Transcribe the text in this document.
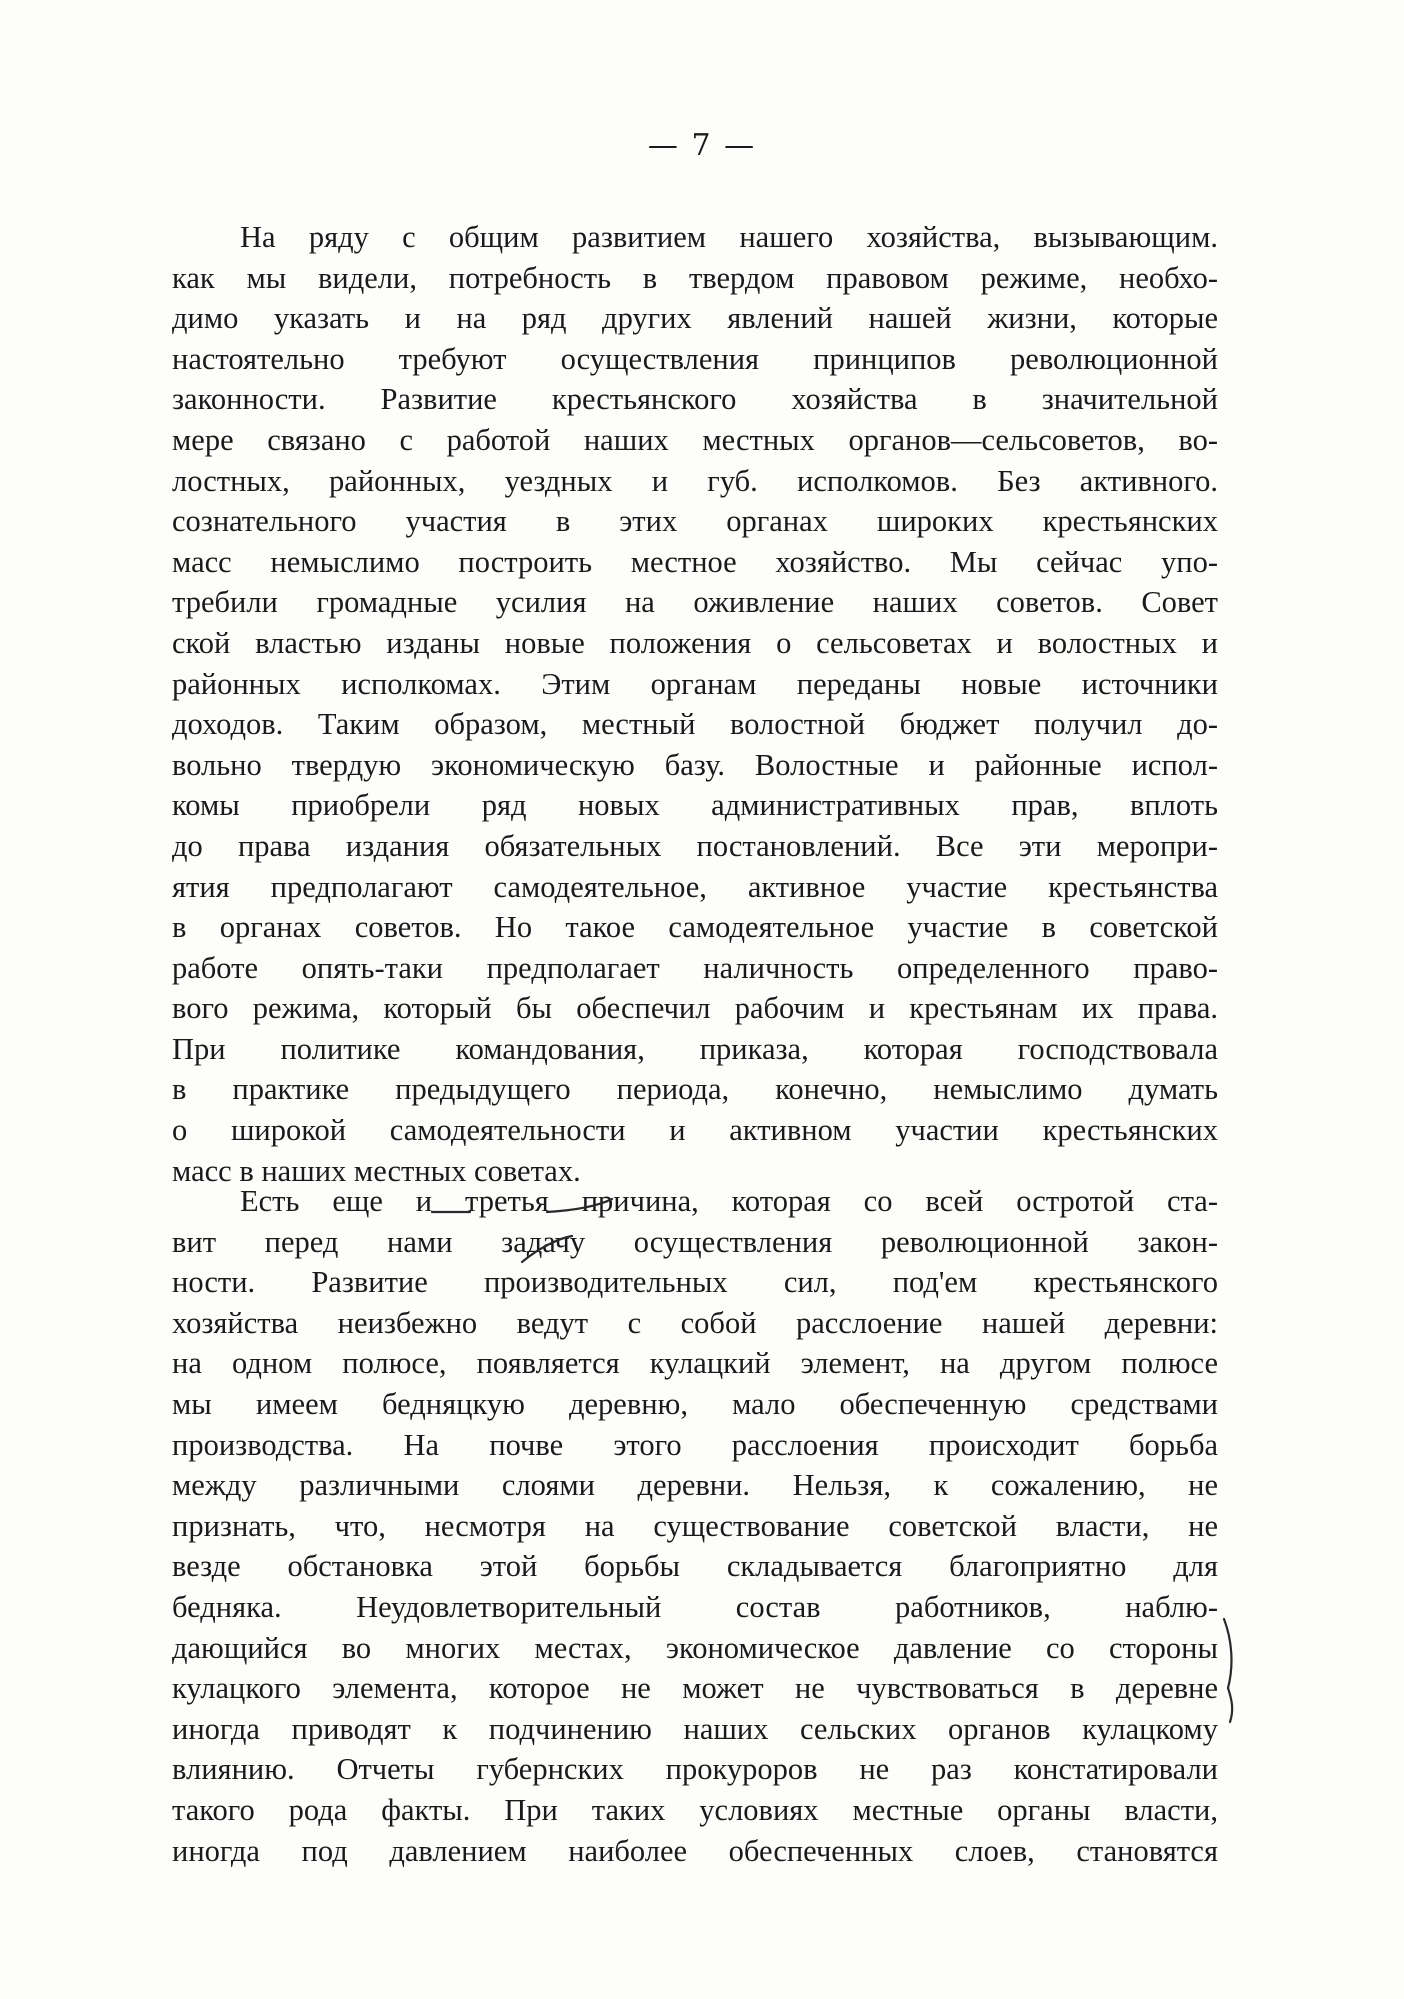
— 7 —
На ряду с общим развитием нашего хозяйства, вызывающим.
как мы видели, потребность в твердом правовом режиме, необхо-
димо указать и на ряд других явлений нашей жизни, которые
настоятельно требуют осуществления принципов революционной
законности. Развитие крестьянского хозяйства в значительной
мере связано с работой наших местных органов—сельсоветов, во-
лостных, районных, уездных и губ. исполкомов. Без активного.
сознательного участия в этих органах широких крестьянских
масс немыслимо построить местное хозяйство. Мы сейчас упо-
требили громадные усилия на оживление наших советов. Совет
ской властью изданы новые положения о сельсоветах и волостных и
районных исполкомах. Этим органам переданы новые источники
доходов. Таким образом, местный волостной бюджет получил до-
вольно твердую экономическую базу. Волостные и районные испол-
комы приобрели ряд новых административных прав, вплоть
до права издания обязательных постановлений. Все эти меропри-
ятия предполагают самодеятельное, активное участие крестьянства
в органах советов. Но такое самодеятельное участие в советской
работе опять-таки предполагает наличность определенного право-
вого режима, который бы обеспечил рабочим и крестьянам их права.
При политике командования, приказа, которая господствовала
в практике предыдущего периода, конечно, немыслимо думать
о широкой самодеятельности и активном участии крестьянских
масс в наших местных советах.
Есть еще и третья причина, которая со всей остротой ста-
вит перед нами задачу осуществления революционной закон-
ности. Развитие производительных сил, под'ем крестьянского
хозяйства неизбежно ведут с собой расслоение нашей деревни:
на одном полюсе, появляется кулацкий элемент, на другом полюсе
мы имеем бедняцкую деревню, мало обеспеченную средствами
производства. На почве этого расслоения происходит борьба
между различными слоями деревни. Нельзя, к сожалению, не
признать, что, несмотря на существование советской власти, не
везде обстановка этой борьбы складывается благоприятно для
бедняка. Неудовлетворительный состав работников, наблю-
дающийся во многих местах, экономическое давление со стороны
кулацкого элемента, которое не может не чувствоваться в деревне
иногда приводят к подчинению наших сельских органов кулацкому
влиянию. Отчеты губернских прокуроров не раз констатировали
такого рода факты. При таких условиях местные органы власти,
иногда под давлением наиболее обеспеченных слоев, становятся
